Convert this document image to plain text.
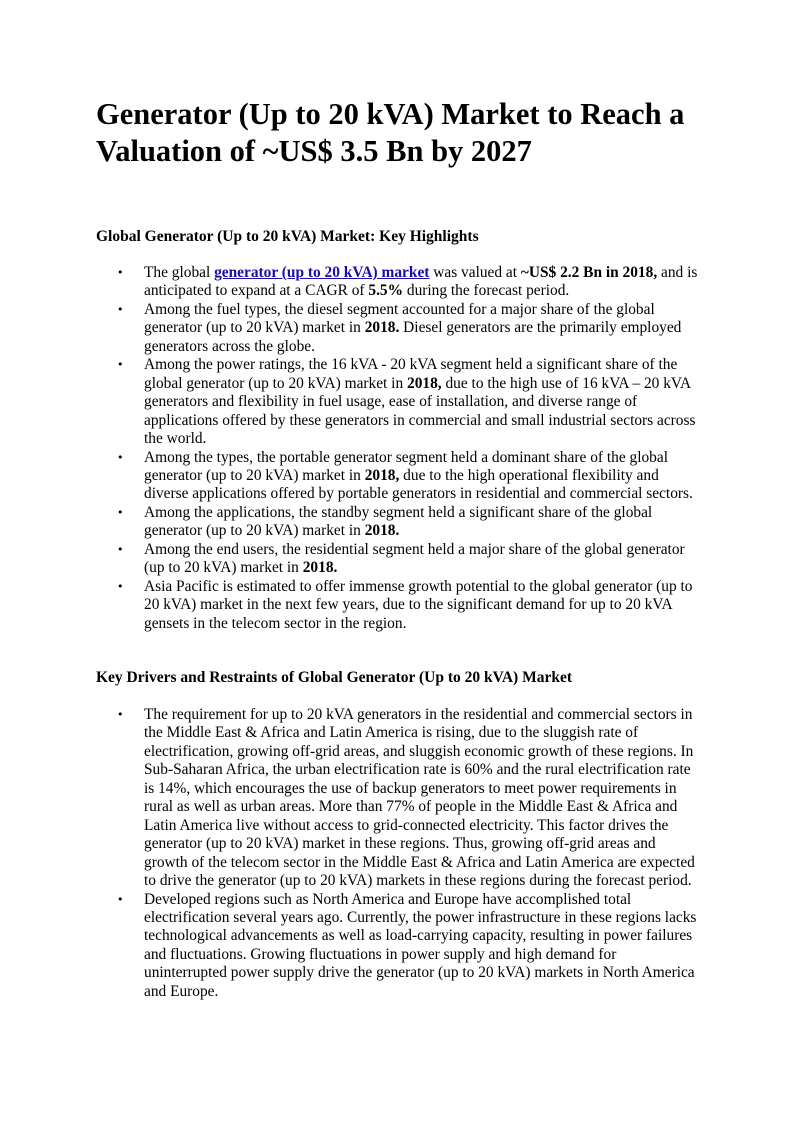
Generator (Up to 20 kVA) Market to Reach a Valuation of ~US$ 3.5 Bn by 2027
Global Generator (Up to 20 kVA) Market: Key Highlights
• The global generator (up to 20 kVA) market was valued at ~US$ 2.2 Bn in 2018, and is anticipated to expand at a CAGR of 5.5% during the forecast period.
• Among the fuel types, the diesel segment accounted for a major share of the global generator (up to 20 kVA) market in 2018. Diesel generators are the primarily employed generators across the globe.
• Among the power ratings, the 16 kVA - 20 kVA segment held a significant share of the global generator (up to 20 kVA) market in 2018, due to the high use of 16 kVA – 20 kVA generators and flexibility in fuel usage, ease of installation, and diverse range of applications offered by these generators in commercial and small industrial sectors across the world.
• Among the types, the portable generator segment held a dominant share of the global generator (up to 20 kVA) market in 2018, due to the high operational flexibility and diverse applications offered by portable generators in residential and commercial sectors.
• Among the applications, the standby segment held a significant share of the global generator (up to 20 kVA) market in 2018.
• Among the end users, the residential segment held a major share of the global generator (up to 20 kVA) market in 2018.
• Asia Pacific is estimated to offer immense growth potential to the global generator (up to 20 kVA) market in the next few years, due to the significant demand for up to 20 kVA gensets in the telecom sector in the region.
Key Drivers and Restraints of Global Generator (Up to 20 kVA) Market
• The requirement for up to 20 kVA generators in the residential and commercial sectors in the Middle East & Africa and Latin America is rising, due to the sluggish rate of electrification, growing off-grid areas, and sluggish economic growth of these regions. In Sub-Saharan Africa, the urban electrification rate is 60% and the rural electrification rate is 14%, which encourages the use of backup generators to meet power requirements in rural as well as urban areas. More than 77% of people in the Middle East & Africa and Latin America live without access to grid-connected electricity. This factor drives the generator (up to 20 kVA) market in these regions. Thus, growing off-grid areas and growth of the telecom sector in the Middle East & Africa and Latin America are expected to drive the generator (up to 20 kVA) markets in these regions during the forecast period.
• Developed regions such as North America and Europe have accomplished total electrification several years ago. Currently, the power infrastructure in these regions lacks technological advancements as well as load-carrying capacity, resulting in power failures and fluctuations. Growing fluctuations in power supply and high demand for uninterrupted power supply drive the generator (up to 20 kVA) markets in North America and Europe.
